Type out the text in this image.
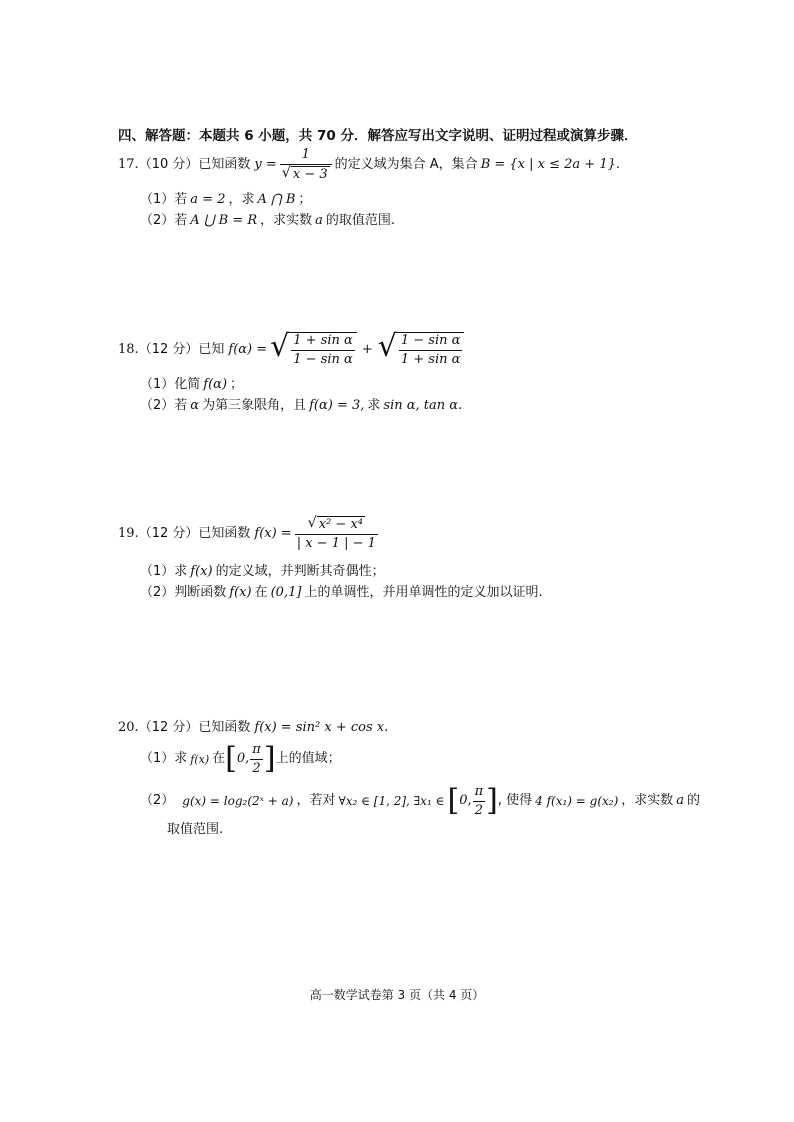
四、解答题：本题共 6 小题，共 70 分．解答应写出文字说明、证明过程或演算步骤．
17. （10 分） 已知函数 $y = \frac{1}{√ x - 3}$ 的定义域为集合 A，集合 B = {x | x ≤ 2a + 1}.
（1） 若 a = 2 ，求 A ⋂ B ；
（2） 若 A ⋃ B = R ，求实数 a 的取值范围.
18. （12 分） 已知 f(α) = √ $\frac{\text{1 + sin α}}{\text{1 − sin α}}$ + √ $\frac{\text{1 − sin α}}{\text{1 + sin α}}$
（1） 化简 f(α) ；
（2） 若 α 为第三象限角，且 f(α) = 3, 求 sin α, tan α.
19. （12 分） 已知函数 $f(x) = \frac{\text{√ x² − x⁴}}{| x - 1 | - 1}$
（1） 求 f(x) 的定义域，并判断其奇偶性；
（2） 判断函数 f(x) 在 (0,1] 上的单调性，并用单调性的定义加以证明.
20. （12 分） 已知函数 f(x) = sin² x + cos x .
（1） 求 f(x) 在 [ 0, $\frac{\pi}{2}$ ] 上的值域；
（2） g(x) = log₂(2ˣ + a) ，若对 ∀x₂ ∈ [1, 2], ∃x₁ ∈ [ 0, $\frac{\pi}{2}$ ] , 使得 4 f(x₁) = g(x₂) ，求实数 a 的
取值范围.
高一数学试卷第 3 页（共 4 页）
